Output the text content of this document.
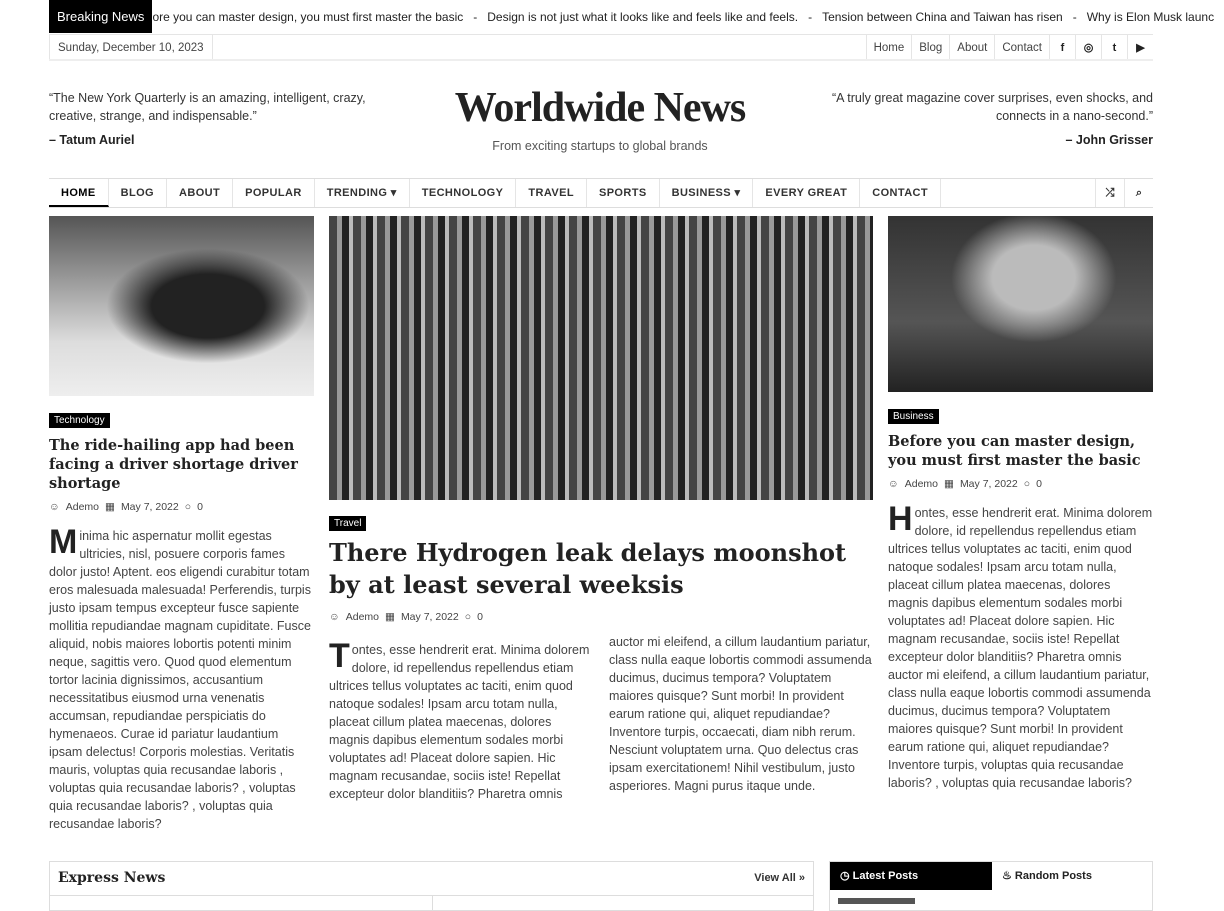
Breaking News ore you can master design, you must first master the basic - Design is not just what it looks like and feels like and feels. - Tension between China and Taiwan has risen - Why is Elon Musk launc
Sunday, December 10, 2023	Home	Blog	About	Contact	f	◎	t	▶
“The New York Quarterly is an amazing, intelligent, crazy, creative, strange, and indispensable.”
– Tatum Auriel
“A truly great magazine cover surprises, even shocks, and connects in a nano-second.”
– John Grisser
Worldwide News
From exciting startups to global brands
HOME	BLOG	ABOUT	POPULAR	TRENDING ▾	TECHNOLOGY	TRAVEL	SPORTS	BUSINESS ▾	EVERY GREAT	CONTACT	⤮	⌕
Technology
The ride-hailing app had been facing a driver shortage driver shortage
☺ Ademo ▦ May 7, 2022 ○ 0
Minima hic aspernatur mollit egestas ultricies, nisl, posuere corporis fames dolor justo! Aptent. eos eligendi curabitur totam eros malesuada malesuada! Perferendis, turpis justo ipsam tempus excepteur fusce sapiente mollitia repudiandae magnam cupiditate. Fusce aliquid, nobis maiores lobortis potenti minim neque, sagittis vero. Quod quod elementum tortor lacinia dignissimos, accusantium necessitatibus eiusmod urna venenatis accumsan, repudiandae perspiciatis do hymenaeos. Curae id pariatur laudantium ipsam delectus! Corporis molestias. Veritatis mauris, voluptas quia recusandae laboris , voluptas quia recusandae laboris? , voluptas quia recusandae laboris? , voluptas quia recusandae laboris?
Travel
There Hydrogen leak delays moonshot by at least several weeksis
☺ Ademo ▦ May 7, 2022 ○ 0
Tontes, esse hendrerit erat. Minima dolorem dolore, id repellendus repellendus etiam ultrices tellus voluptates ac taciti, enim quod natoque sodales! Ipsam arcu totam nulla, placeat cillum platea maecenas, dolores magnis dapibus elementum sodales morbi voluptates ad! Placeat dolore sapien. Hic magnam recusandae, sociis iste! Repellat excepteur dolor blanditiis? Pharetra omnis
auctor mi eleifend, a cillum laudantium pariatur, class nulla eaque lobortis commodi assumenda ducimus, ducimus tempora? Voluptatem maiores quisque? Sunt morbi! In provident earum ratione qui, aliquet repudiandae? Inventore turpis, occaecati, diam nibh rerum. Nesciunt voluptatem urna. Quo delectus cras ipsam exercitationem! Nihil vestibulum, justo asperiores. Magni purus itaque unde.
Business
Before you can master design, you must first master the basic
☺ Ademo ▦ May 7, 2022 ○ 0
Hontes, esse hendrerit erat. Minima dolorem dolore, id repellendus repellendus etiam ultrices tellus voluptates ac taciti, enim quod natoque sodales! Ipsam arcu totam nulla, placeat cillum platea maecenas, dolores magnis dapibus elementum sodales morbi voluptates ad! Placeat dolore sapien. Hic magnam recusandae, sociis iste! Repellat excepteur dolor blanditiis? Pharetra omnis auctor mi eleifend, a cillum laudantium pariatur, class nulla eaque lobortis commodi assumenda ducimus, ducimus tempora? Voluptatem maiores quisque? Sunt morbi! In provident earum ratione qui, aliquet repudiandae? Inventore turpis, voluptas quia recusandae laboris? , voluptas quia recusandae laboris?
Express News	View All »	◷ Latest Posts	♨ Random Posts
